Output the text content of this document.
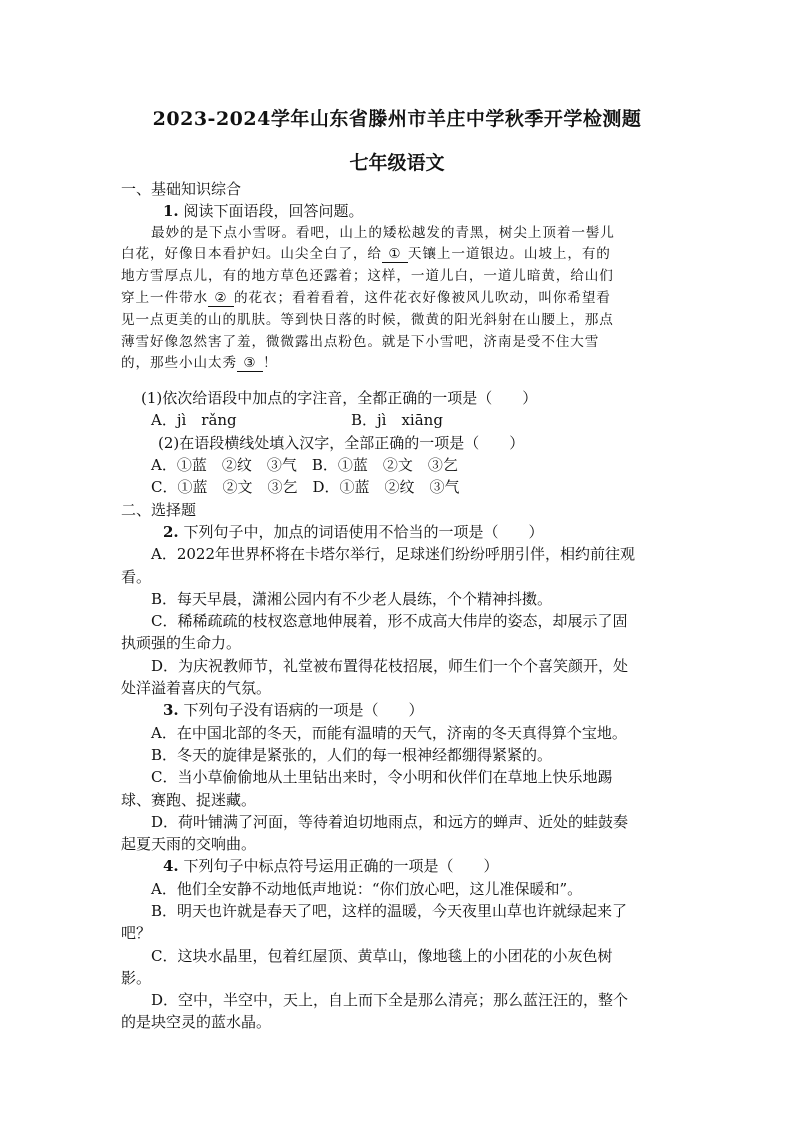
2023-2024学年山东省滕州市羊庄中学秋季开学检测题
七年级语文
一、基础知识综合
1. 阅读下面语段，回答问题。
最妙的是下点小雪呀。看吧，山上的矮松越发的青黑，树尖上顶着一髻儿
白花，好像日本看护妇。山尖全白了，给 ① 天镶上一道银边。山坡上，有的
地方雪厚点儿，有的地方草色还露着；这样，一道儿白，一道儿暗黄，给山们
穿上一件带水 ② 的花衣；看着看着，这件花衣好像被风儿吹动，叫你希望看
见一点更美的山的肌肤。等到快日落的时候，微黄的阳光斜射在山腰上，那点
薄雪好像忽然害了羞，微微露出点粉色。就是下小雪吧，济南是受不住大雪
的，那些小山太秀 ③ ！
(1)依次给语段中加点的字注音，全都正确的一项是（　　）
A．jì　rǎng	B．jì　xiāng
(2)在语段横线处填入汉字，全部正确的一项是（　　）
A．①蓝　②纹　③气　B．①蓝　②文　③乞
C．①蓝　②文　③乞　D．①蓝　②纹　③气
二、选择题
2. 下列句子中，加点的词语使用不恰当的一项是（　　）
A．2022年世界杯将在卡塔尔举行，足球迷们纷纷呼朋引伴，相约前往观
看。
B．每天早晨，潇湘公园内有不少老人晨练，个个精神抖擞。
C．稀稀疏疏的枝杈恣意地伸展着，形不成高大伟岸的姿态，却展示了固
执顽强的生命力。
D．为庆祝教师节，礼堂被布置得花枝招展，师生们一个个喜笑颜开，处
处洋溢着喜庆的气氛。
3. 下列句子没有语病的一项是（　　）
A．在中国北部的冬天，而能有温晴的天气，济南的冬天真得算个宝地。
B．冬天的旋律是紧张的，人们的每一根神经都绷得紧紧的。
C．当小草偷偷地从土里钻出来时，令小明和伙伴们在草地上快乐地踢
球、赛跑、捉迷藏。
D．荷叶铺满了河面，等待着迫切地雨点，和远方的蝉声、近处的蛙鼓奏
起夏天雨的交响曲。
4. 下列句子中标点符号运用正确的一项是（　　）
A．他们全安静不动地低声地说：“你们放心吧，这儿准保暖和”。
B．明天也许就是春天了吧，这样的温暖，今天夜里山草也许就绿起来了
吧？
C．这块水晶里，包着红屋顶、黄草山，像地毯上的小团花的小灰色树
影。
D．空中，半空中，天上，自上而下全是那么清亮；那么蓝汪汪的，整个
的是块空灵的蓝水晶。
